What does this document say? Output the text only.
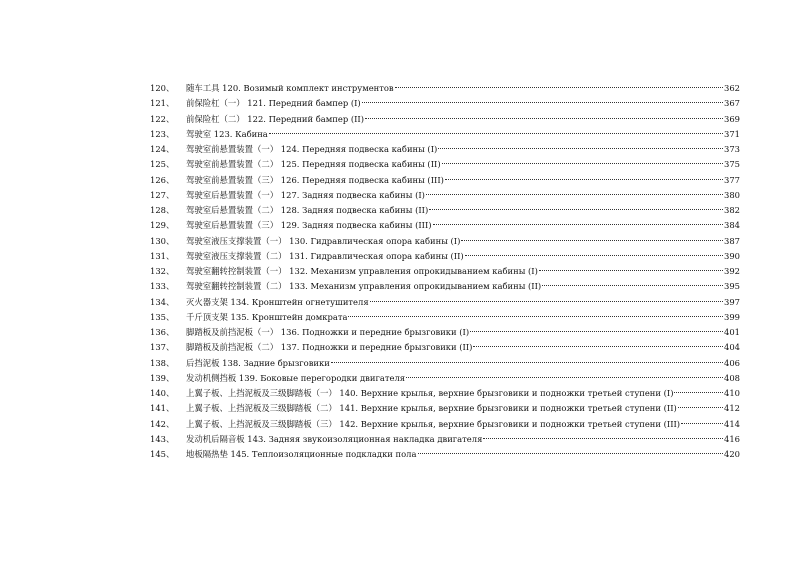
120、	随车工具 120. Возимый комплект инструментов	362
121、	前保险杠（一） 121. Передний бампер (I)	367
122、	前保险杠（二） 122. Передний бампер (II)	369
123、	驾驶室 123. Кабина	371
124、	驾驶室前悬置装置（一） 124. Передняя подвеска кабины (I)	373
125、	驾驶室前悬置装置（二） 125. Передняя подвеска кабины (II)	375
126、	驾驶室前悬置装置（三） 126. Передняя подвеска кабины (III)	377
127、	驾驶室后悬置装置（一） 127. Задняя подвеска кабины (I)	380
128、	驾驶室后悬置装置（二） 128. Задняя подвеска кабины (II)	382
129、	驾驶室后悬置装置（三） 129. Задняя подвеска кабины (III)	384
130、	驾驶室液压支撑装置（一） 130. Гидравлическая опора кабины (I)	387
131、	驾驶室液压支撑装置（二） 131. Гидравлическая опора кабины (II)	390
132、	驾驶室翻转控制装置（一） 132. Механизм управления опрокидыванием кабины (I)	392
133、	驾驶室翻转控制装置（二） 133. Механизм управления опрокидыванием кабины (II)	395
134、	灭火器支架 134. Кронштейн огнетушителя	397
135、	千斤顶支架 135. Кронштейн домкрата	399
136、	脚踏板及前挡泥板（一） 136. Подножки и передние брызговики (I)	401
137、	脚踏板及前挡泥板（二） 137. Подножки и передние брызговики (II)	404
138、	后挡泥板 138. Задние брызговики	406
139、	发动机侧挡板 139. Боковые перегородки двигателя	408
140、	上翼子板、上挡泥板及三级脚踏板（一） 140. Верхние крылья, верхние брызговики и подножки третьей ступени (I)	410
141、	上翼子板、上挡泥板及三级脚踏板（二） 141. Верхние крылья, верхние брызговики и подножки третьей ступени (II)	412
142、	上翼子板、上挡泥板及三级脚踏板（三） 142. Верхние крылья, верхние брызговики и подножки третьей ступени (III)	414
143、	发动机后隔音板 143. Задняя звукоизоляционная накладка двигателя	416
145、	地板隔热垫 145. Теплоизоляционные подкладки пола	420
